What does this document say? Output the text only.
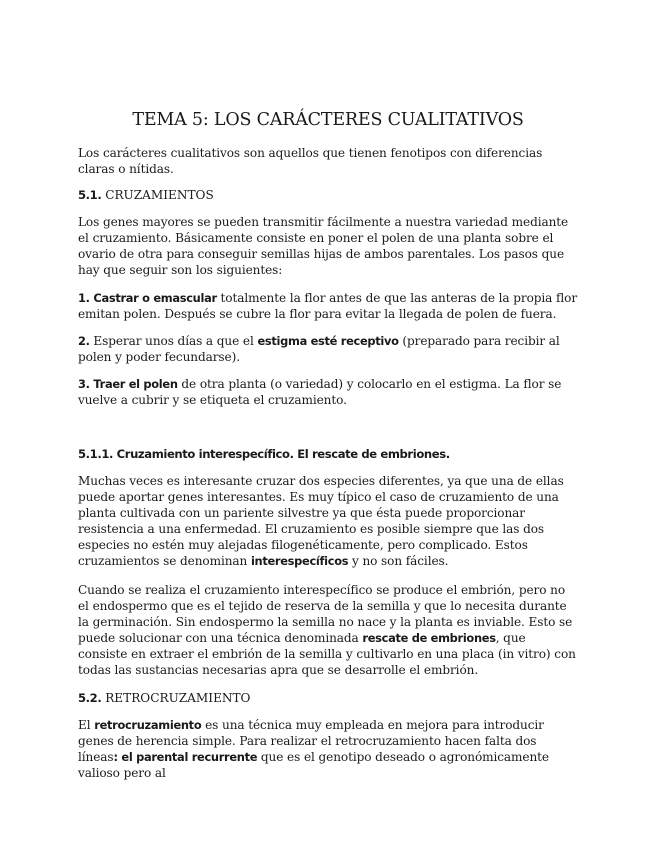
TEMA 5: LOS CARÁCTERES CUALITATIVOS

Los carácteres cualitativos son aquellos que tienen fenotipos con diferencias claras o nítidas.

5.1. CRUZAMIENTOS

Los genes mayores se pueden transmitir fácilmente a nuestra variedad mediante el cruzamiento. Básicamente consiste en poner el polen de una planta sobre el ovario de otra para conseguir semillas hijas de ambos parentales. Los pasos que hay que seguir son los siguientes:

1. Castrar o emascular totalmente la flor antes de que las anteras de la propia flor emitan polen. Después se cubre la flor para evitar la llegada de polen de fuera.

2. Esperar unos días a que el estigma esté receptivo (preparado para recibir al polen y poder fecundarse).

3. Traer el polen de otra planta (o variedad) y colocarlo en el estigma. La flor se vuelve a cubrir y se etiqueta el cruzamiento.

5.1.1. Cruzamiento interespecífico. El rescate de embriones.

Muchas veces es interesante cruzar dos especies diferentes, ya que una de ellas puede aportar genes interesantes. Es muy típico el caso de cruzamiento de una planta cultivada con un pariente silvestre ya que ésta puede proporcionar resistencia a una enfermedad. El cruzamiento es posible siempre que las dos especies no estén muy alejadas filogenéticamente, pero complicado. Estos cruzamientos se denominan interespecíficos y no son fáciles.

Cuando se realiza el cruzamiento interespecífico se produce el embrión, pero no el endospermo que es el tejido de reserva de la semilla y que lo necesita durante la germinación. Sin endospermo la semilla no nace y la planta es inviable. Esto se puede solucionar con una técnica denominada rescate de embriones, que consiste en extraer el embrión de la semilla y cultivarlo en una placa (in vitro) con todas las sustancias necesarias apra que se desarrolle el embrión.

5.2. RETROCRUZAMIENTO

El retrocruzamiento es una técnica muy empleada en mejora para introducir genes de herencia simple. Para realizar el retrocruzamiento hacen falta dos líneas: el parental recurrente que es el genotipo deseado o agronómicamente valioso pero al
